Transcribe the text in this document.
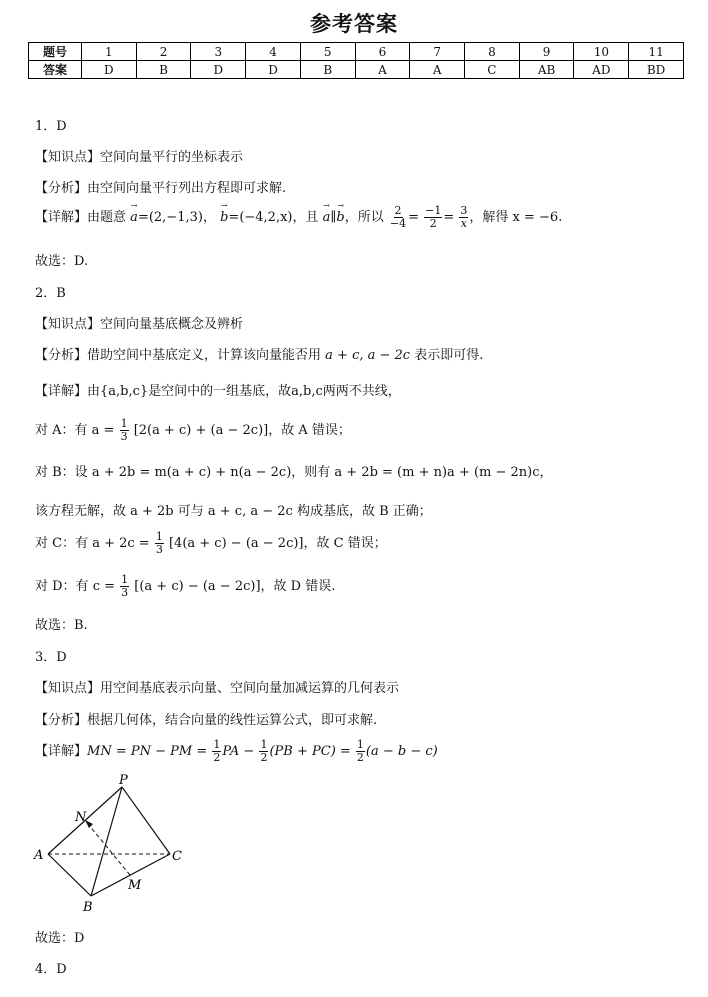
参考答案
题号	1	2	3	4	5	6	7	8	9	10	11
答案	D	B	D	D	B	A	A	C	AB	AD	BD
1．D
【知识点】空间向量平行的坐标表示
【分析】由空间向量平行列出方程即可求解.
【详解】由题意 → a=(2,−1,3)， → b=(−4,2,x)，且 → a∥→ b，所以 $\frac{2}{-4} = \frac{-1}{2} = \frac{3}{x}$ ，解得 x = −6.
故选：D.
2．B
【知识点】空间向量基底概念及辨析
【分析】借助空间中基底定义，计算该向量能否用 a + c, a − 2c 表示即可得.
【详解】由{a,b,c}是空间中的一组基底，故a,b,c两两不共线，
对 A：有 $a = \frac{1}{3} [2(a + c) + (a - 2c)]$，故 A 错误；
对 B：设 a + 2b = m(a + c) + n(a − 2c)，则有 a + 2b = (m + n)a + (m − 2n)c，
该方程无解，故 a + 2b 可与 a + c, a − 2c 构成基底，故 B 正确；
对 C：有 $a + 2c = \frac{1}{3} [4(a + c) - (a - 2c)]$，故 C 错误；
对 D：有 $c = \frac{1}{3} [(a + c) - (a - 2c)]$，故 D 错误.
故选：B.
3．D
【知识点】用空间基底表示向量、空间向量加减运算的几何表示
【分析】根据几何体，结合向量的线性运算公式，即可求解.
【详解】MN = PN − PM = $\frac{1}{2}$ PA − $\frac{1}{2} (PB + PC) = \frac{1}{2} (a - b - c)$
P
N
A	C
M
B
故选：D
4．D
